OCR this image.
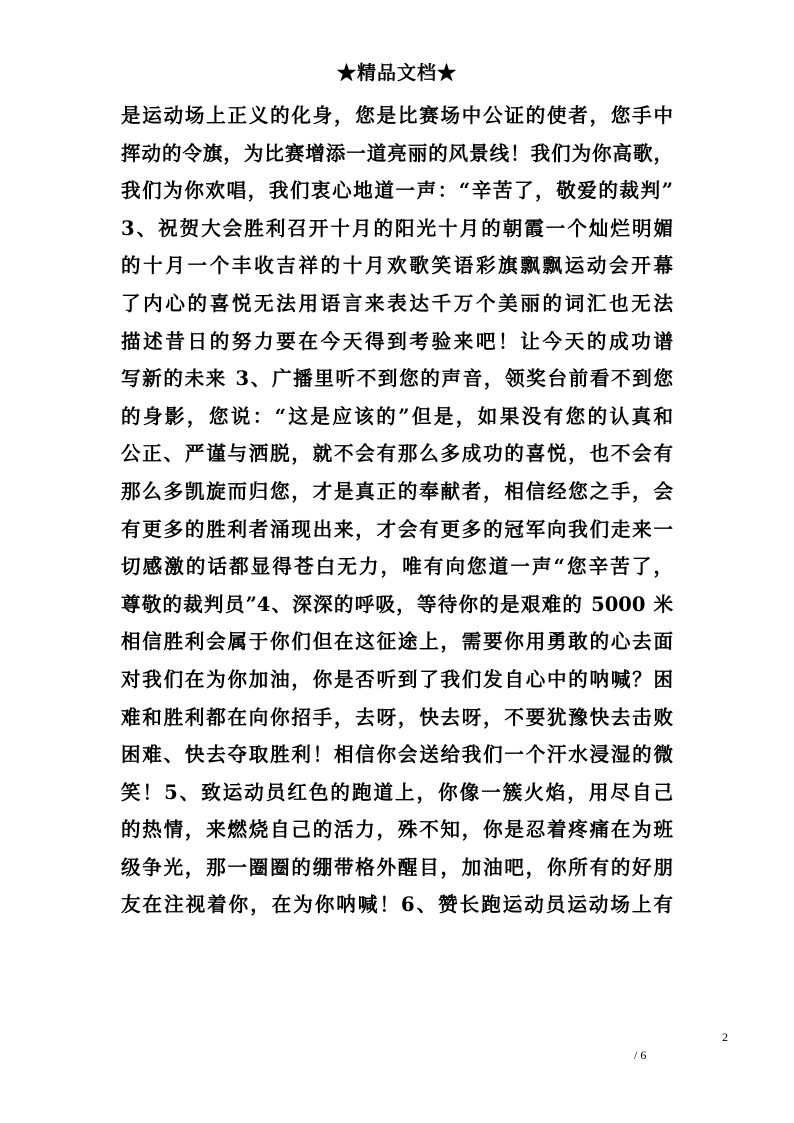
★精品文档★
是运动场上正义的化身，您是比赛场中公证的使者，您手中
挥动的令旗，为比赛增添一道亮丽的风景线！我们为你高歌，
我们为你欢唱，我们衷心地道一声：“辛苦了，敬爱的裁判”
3、祝贺大会胜利召开十月的阳光十月的朝霞一个灿烂明媚
的十月一个丰收吉祥的十月欢歌笑语彩旗飘飘运动会开幕
了内心的喜悦无法用语言来表达千万个美丽的词汇也无法
描述昔日的努力要在今天得到考验来吧！让今天的成功谱
写新的未来 3、广播里听不到您的声音，领奖台前看不到您
的身影，您说：“这是应该的”但是，如果没有您的认真和
公正、严谨与洒脱，就不会有那么多成功的喜悦，也不会有
那么多凯旋而归您，才是真正的奉献者，相信经您之手，会
有更多的胜利者涌现出来，才会有更多的冠军向我们走来一
切感激的话都显得苍白无力，唯有向您道一声“您辛苦了，
尊敬的裁判员”4、深深的呼吸，等待你的是艰难的 5000 米
相信胜利会属于你们但在这征途上，需要你用勇敢的心去面
对我们在为你加油，你是否听到了我们发自心中的呐喊？困
难和胜利都在向你招手，去呀，快去呀，不要犹豫快去击败
困难、快去夺取胜利！相信你会送给我们一个汗水浸湿的微
笑！5、致运动员红色的跑道上，你像一簇火焰，用尽自己
的热情，来燃烧自己的活力，殊不知，你是忍着疼痛在为班
级争光，那一圈圈的绷带格外醒目，加油吧，你所有的好朋
友在注视着你，在为你呐喊！6、赞长跑运动员运动场上有
2
/ 6
